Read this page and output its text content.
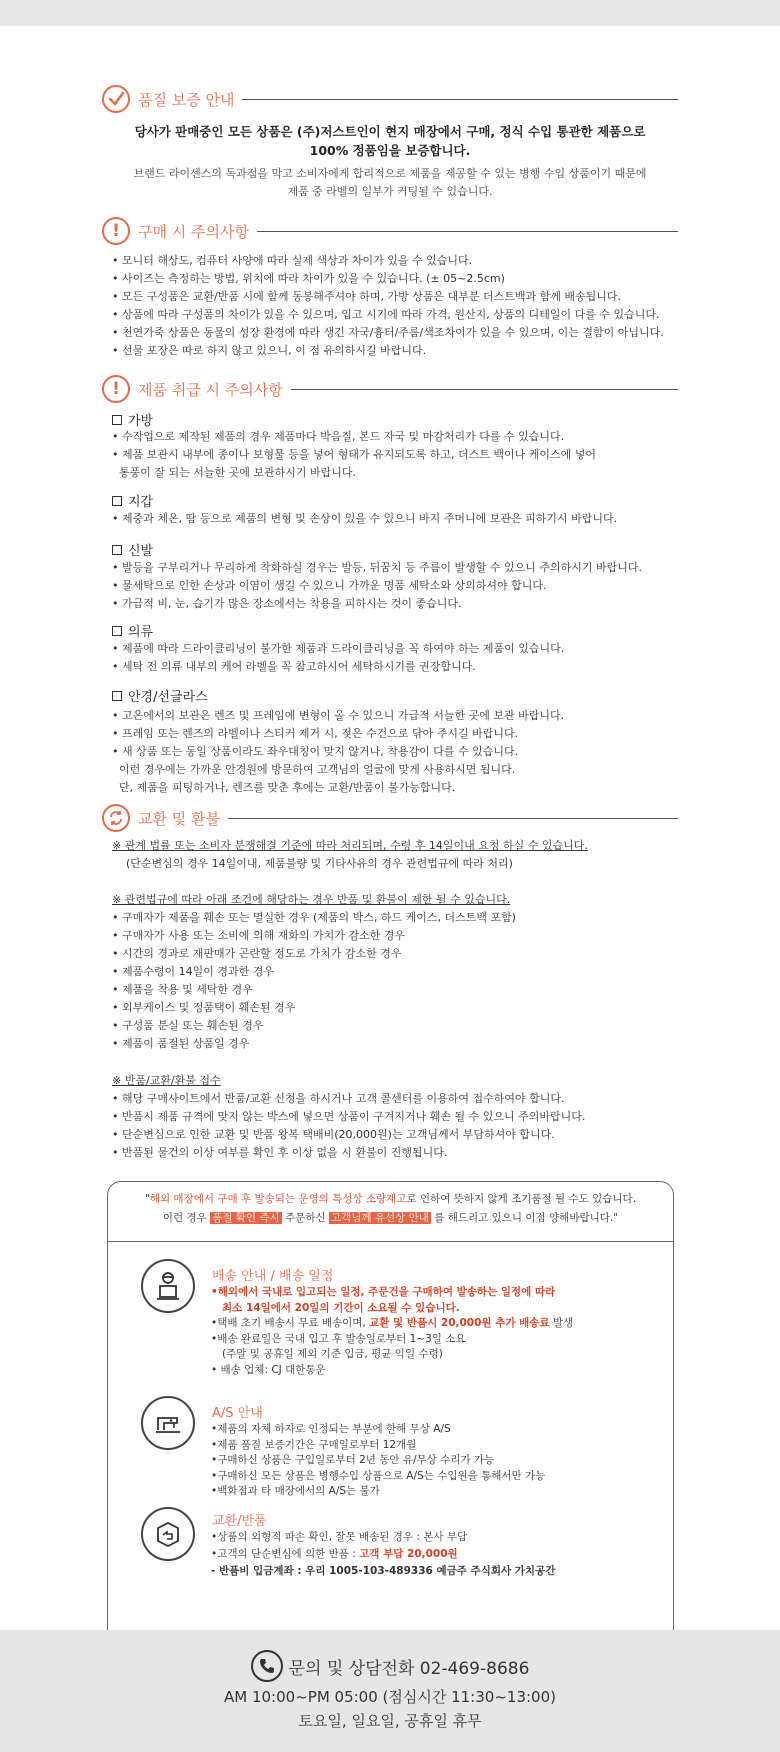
품질 보증 안내
당사가 판매중인 모든 상품은 (주)저스트인이 현지 매장에서 구매, 정식 수입 통관한 제품으로
100% 정품임을 보증합니다.
브랜드 라이센스의 독과점을 막고 소비자에게 합리적으로 제품을 제공할 수 있는 병행 수입 상품이기 때문에
제품 중 라벨의 일부가 커팅될 수 있습니다.
!	구매 시 주의사항
• 모니터 해상도, 컴퓨터 사양에 따라 실제 색상과 차이가 있을 수 있습니다.
• 사이즈는 측정하는 방법, 위치에 따라 차이가 있을 수 있습니다. (± 05~2.5cm)
• 모든 구성품은 교환/반품 시에 함께 동봉해주셔야 하며, 가방 상품은 대부분 더스트백과 함께 배송됩니다.
• 상품에 따라 구성품의 차이가 있을 수 있으며, 입고 시기에 따라 가격, 원산지, 상품의 디테일이 다를 수 있습니다.
• 천연가죽 상품은 동물의 성장 환경에 따라 생긴 자국/흉터/주름/색조차이가 있을 수 있으며, 이는 결함이 아닙니다.
• 선물 포장은 따로 하지 않고 있으니, 이 점 유의하시길 바랍니다.
!	제품 취급 시 주의사항
가방
• 수작업으로 제작된 제품의 경우 제품마다 박음질, 본드 자국 및 마감처리가 다를 수 있습니다.
• 제품 보관시 내부에 종이나 보형물 등을 넣어 형태가 유지되도록 하고, 더스트 백이나 케이스에 넣어
통풍이 잘 되는 서늘한 곳에 보관하시기 바랍니다.
지갑
• 제중과 체온, 땀 등으로 제품의 변형 및 손상이 있을 수 있으니 바지 주머니에 보관은 피하기시 바랍니다.
신발
• 발등을 구부리거나 무리하게 착화하실 경우는 발등, 뒤꿈치 등 주름이 발생할 수 있으니 주의하시기 바랍니다.
• 물세탁으로 인한 손상과 이염이 생길 수 있으니 가까운 명품 세탁소와 상의하셔야 합니다.
• 가급적 비, 눈, 습기가 많은 장소에서는 착용을 피하시는 것이 좋습니다.
의류
• 제품에 따라 드라이클리닝이 불가한 제품과 드라이클리닝을 꼭 하여야 하는 제품이 있습니다.
• 세탁 전 의류 내부의 케어 라벨을 꼭 참고하시어 세탁하시기를 권장합니다.
안경/선글라스
• 고온에서의 보관은 렌즈 및 프레임에 변형이 올 수 있으니 가급적 서늘한 곳에 보관 바랍니다.
• 프레임 또는 렌즈의 라벨이나 스티커 제거 시, 젖은 수건으로 닦아 주시길 바랍니다.
• 새 상품 또는 동일 상품이라도 좌우대칭이 맞지 않거나, 착용감이 다를 수 있습니다.
이런 경우에는 가까운 안경원에 방문하여 고객님의 얼굴에 맞게 사용하시면 됩니다.
단, 제품을 피팅하거나, 렌즈를 맞춘 후에는 교환/반품이 불가능합니다.
교환 및 환불
※ 관계 법률 또는 소비자 분쟁해결 기준에 따라 처리되며, 수령 후 14일이내 요청 하실 수 있습니다.
(단순변심의 경우 14일이내, 제품불량 및 기타사유의 경우 관련법규에 따라 처리)
※ 관련법규에 따라 아래 조건에 해당하는 경우 반품 및 환불이 제한 될 수 있습니다.
• 구매자가 제품을 훼손 또는 멸실한 경우 (제품의 박스, 하드 케이스, 더스트백 포함)
• 구매자가 사용 또는 소비에 의해 재화의 가치가 감소한 경우
• 시간의 경과로 재판매가 곤란할 정도로 가치가 감소한 경우
• 제품수령이 14일이 경과한 경우
• 제품을 착용 및 세탁한 경우
• 외부케이스 및 정품택이 훼손된 경우
• 구성품 분실 또는 훼손된 경우
• 제품이 품절된 상품일 경우
※ 반품/교환/환불 접수
• 해당 구매사이트에서 반품/교환 신청을 하시거나 고객 콜센터를 이용하여 접수하여야 합니다.
• 반품시 제품 규격에 맞지 않는 박스에 넣으면 상품이 구겨지거나 훼손 될 수 있으니 주의바랍니다.
• 단순변심으로 인한 교환 및 반품 왕복 택배비(20,000원)는 고객님께서 부담하셔야 합니다.
• 반품된 물건의 이상 여부를 확인 후 이상 없을 시 환불이 진행됩니다.
"해외 매장에서 구매 후 발송되는 운영의 특성상 소량재고로 인하여 뜻하지 않게 조기품절 될 수도 있습니다.
이런 경우 품절 확인 즉시 주문하신 고객님께 유선상 안내 를 해드리고 있으니 이점 양해바랍니다."
배송 안내 / 배송 일정
•해외에서 국내로 입고되는 일정, 주문건을 구매하여 발송하는 일정에 따라
최소 14일에서 20일의 기간이 소요될 수 있습니다.
•택배 초기 배송시 무료 배송이며, 교환 및 반품시 20,000원 추가 배송료 발생
•배송 완료일은 국내 입고 후 발송일로부터 1~3일 소요
(주말 및 공휴일 제외 기준 입금, 평균 익일 수령)
• 배송 업체: CJ 대한통운
A/S 안내
•제품의 자체 하자로 인정되는 부분에 한해 무상 A/S
•제품 품질 보증기간은 구매일로부터 12개월
•구매하신 상품은 구입일로부터 2년 동안 유/무상 수리가 가능
•구매하신 모든 상품은 병행수입 상품으로 A/S는 수입원을 통해서만 가능
•백화점과 타 매장에서의 A/S는 불가
교환/반품
•상품의 외형적 파손 확인, 잘못 배송된 경우 : 본사 부담
•고객의 단순변심에 의한 반품 : 고객 부담 20,000원
- 반품비 입금계좌 : 우리 1005-103-489336 예금주 주식회사 가치공간
문의 및 상담전화 02-469-8686
AM 10:00~PM 05:00 (점심시간 11:30~13:00)
토요일, 일요일, 공휴일 휴무
